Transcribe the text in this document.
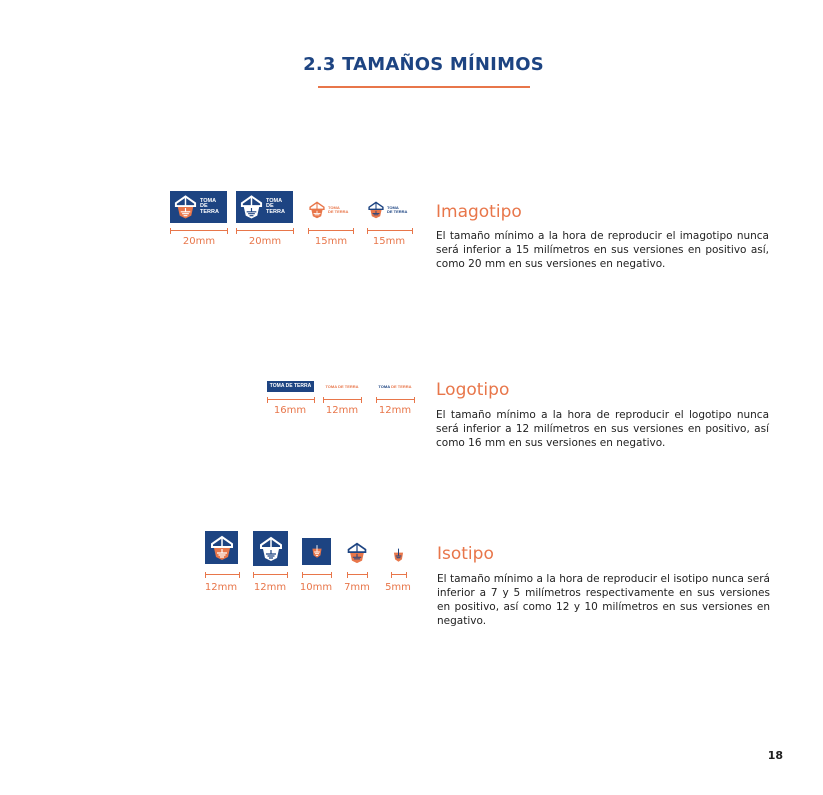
2.3 TAMAÑOS MÍNIMOS
TOMA
DE TERRA
TOMA
DE TERRA
TOMA
DE TERRA
TOMA
DE TERRA
20mm	20mm	15mm	15mm
Imagotipo
El tamaño mínimo a la hora de reproducir el imagotipo nunca será inferior a 15 milímetros en sus versiones en positivo así, como 20 mm en sus versiones en negativo.
TOMA DE TERRA	TOMA DE TERRA	TOMA DE TERRA
16mm	12mm	12mm
Logotipo
El tamaño mínimo a la hora de reproducir el logotipo nunca será inferior a 12 milímetros en sus versiones en positivo, así como 16 mm en sus versiones en negativo.
12mm	12mm	10mm	7mm	5mm
Isotipo
El tamaño mínimo a la hora de reproducir el isotipo nunca será inferior a 7 y 5 milímetros respectivamente en sus versiones en positivo, así como 12 y 10 milímetros en sus versiones en negativo.
18
